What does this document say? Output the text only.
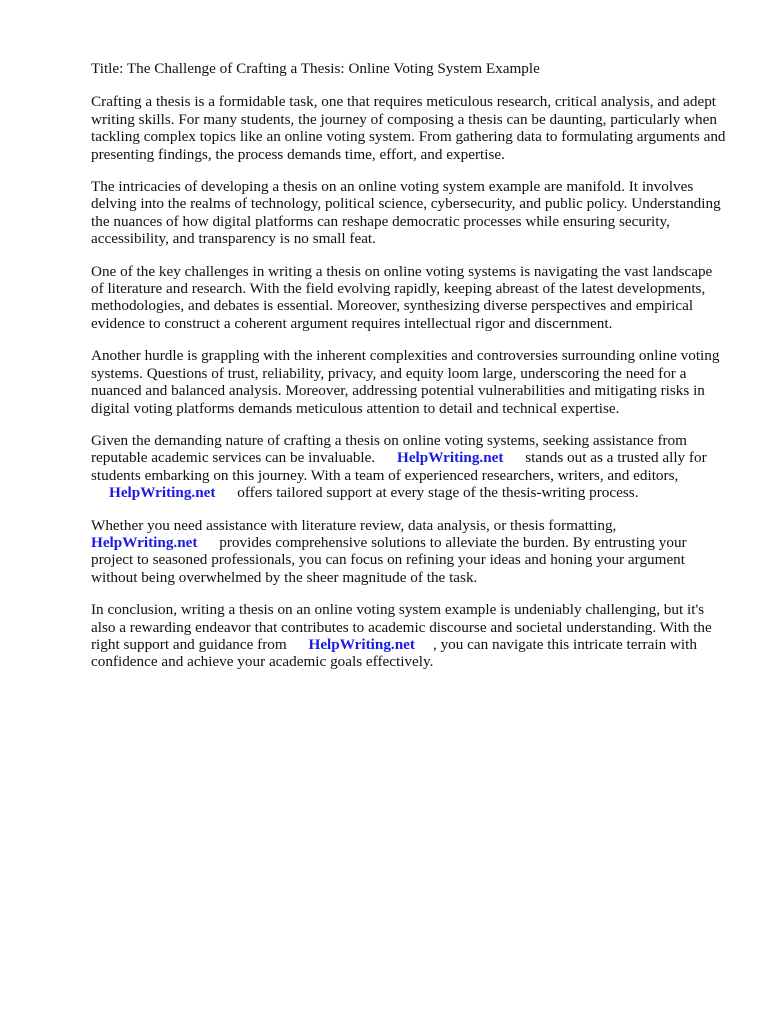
Title: The Challenge of Crafting a Thesis: Online Voting System Example

Crafting a thesis is a formidable task, one that requires meticulous research, critical analysis, and adept writing skills. For many students, the journey of composing a thesis can be daunting, particularly when tackling complex topics like an online voting system. From gathering data to formulating arguments and presenting findings, the process demands time, effort, and expertise.

The intricacies of developing a thesis on an online voting system example are manifold. It involves delving into the realms of technology, political science, cybersecurity, and public policy. Understanding the nuances of how digital platforms can reshape democratic processes while ensuring security, accessibility, and transparency is no small feat.

One of the key challenges in writing a thesis on online voting systems is navigating the vast landscape of literature and research. With the field evolving rapidly, keeping abreast of the latest developments, methodologies, and debates is essential. Moreover, synthesizing diverse perspectives and empirical evidence to construct a coherent argument requires intellectual rigor and discernment.

Another hurdle is grappling with the inherent complexities and controversies surrounding online voting systems. Questions of trust, reliability, privacy, and equity loom large, underscoring the need for a nuanced and balanced analysis. Moreover, addressing potential vulnerabilities and mitigating risks in digital voting platforms demands meticulous attention to detail and technical expertise.

Given the demanding nature of crafting a thesis on online voting systems, seeking assistance from reputable academic services can be invaluable. HelpWriting.net stands out as a trusted ally for students embarking on this journey. With a team of experienced researchers, writers, and editors, HelpWriting.net offers tailored support at every stage of the thesis-writing process.

Whether you need assistance with literature review, data analysis, or thesis formatting, HelpWriting.net provides comprehensive solutions to alleviate the burden. By entrusting your project to seasoned professionals, you can focus on refining your ideas and honing your argument without being overwhelmed by the sheer magnitude of the task.

In conclusion, writing a thesis on an online voting system example is undeniably challenging, but it's also a rewarding endeavor that contributes to academic discourse and societal understanding. With the right support and guidance from HelpWriting.net , you can navigate this intricate terrain with confidence and achieve your academic goals effectively.
